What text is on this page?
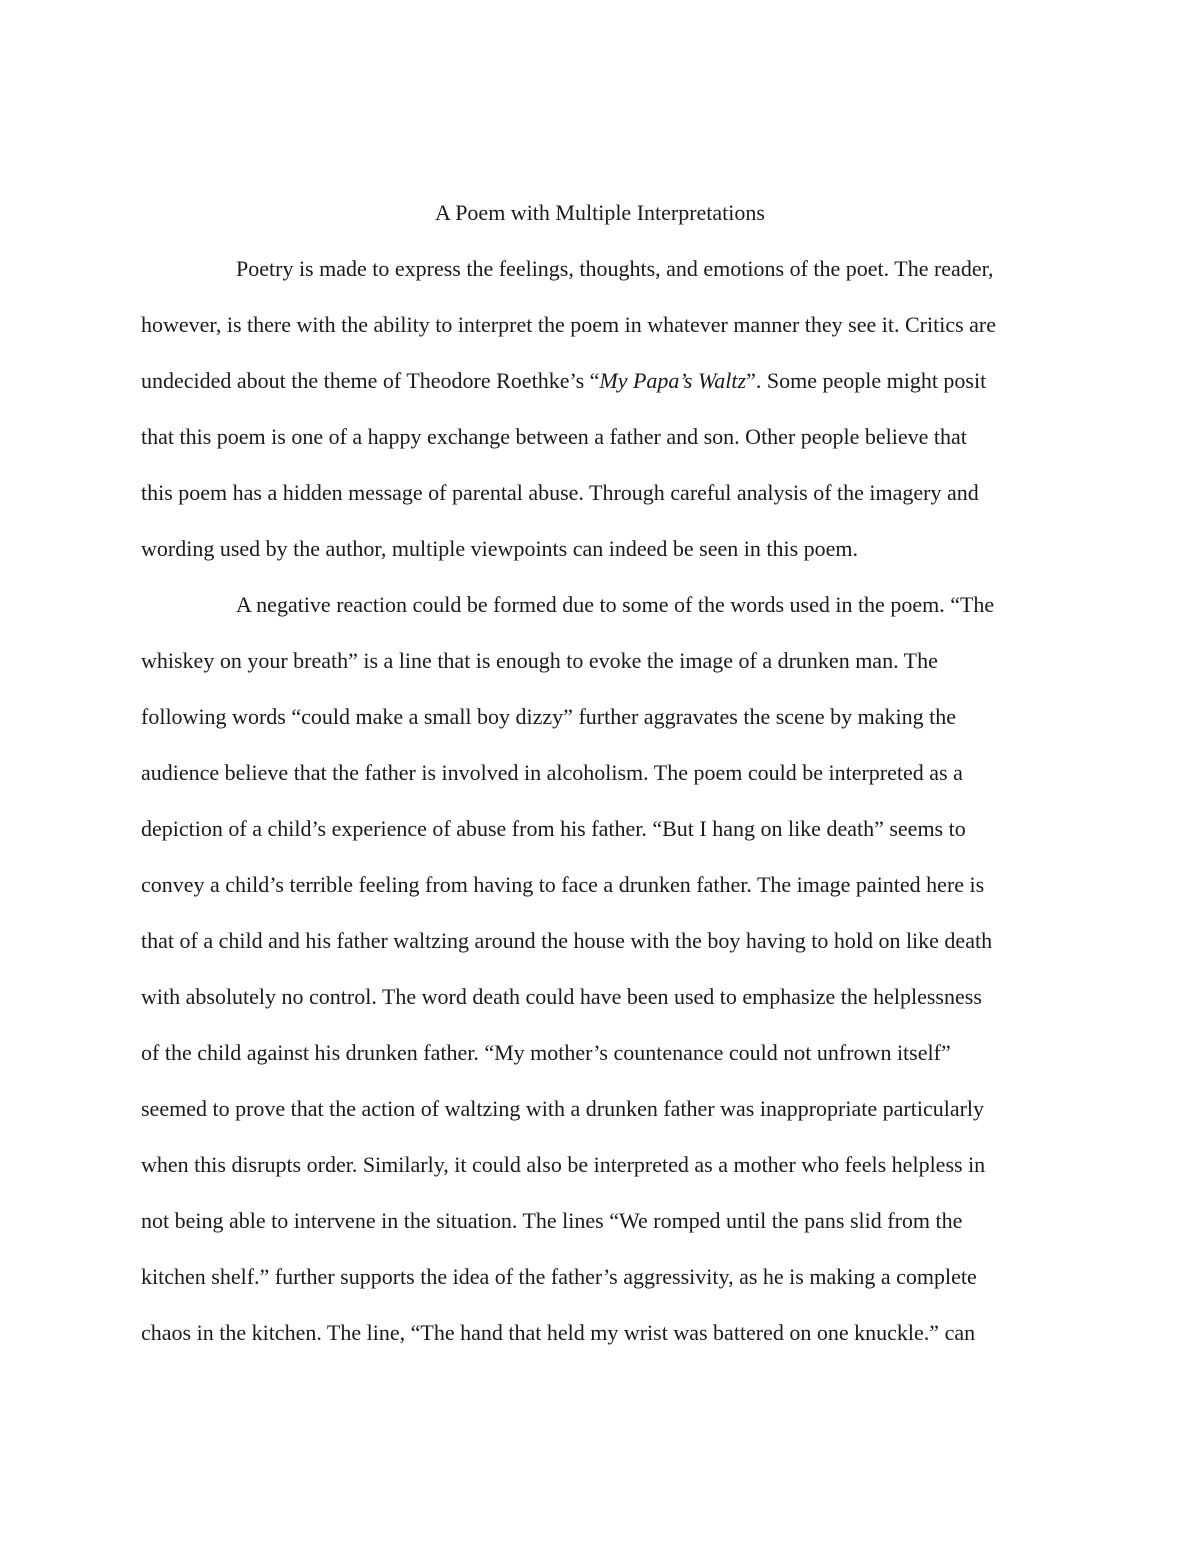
A Poem with Multiple Interpretations
Poetry is made to express the feelings, thoughts, and emotions of the poet. The reader,
however, is there with the ability to interpret the poem in whatever manner they see it. Critics are
undecided about the theme of Theodore Roethke’s “My Papa’s Waltz”. Some people might posit
that this poem is one of a happy exchange between a father and son. Other people believe that
this poem has a hidden message of parental abuse. Through careful analysis of the imagery and
wording used by the author, multiple viewpoints can indeed be seen in this poem.
A negative reaction could be formed due to some of the words used in the poem. “The
whiskey on your breath” is a line that is enough to evoke the image of a drunken man. The
following words “could make a small boy dizzy” further aggravates the scene by making the
audience believe that the father is involved in alcoholism. The poem could be interpreted as a
depiction of a child’s experience of abuse from his father. “But I hang on like death” seems to
convey a child’s terrible feeling from having to face a drunken father. The image painted here is
that of a child and his father waltzing around the house with the boy having to hold on like death
with absolutely no control. The word death could have been used to emphasize the helplessness
of the child against his drunken father. “My mother’s countenance could not unfrown itself”
seemed to prove that the action of waltzing with a drunken father was inappropriate particularly
when this disrupts order. Similarly, it could also be interpreted as a mother who feels helpless in
not being able to intervene in the situation. The lines “We romped until the pans slid from the
kitchen shelf.” further supports the idea of the father’s aggressivity, as he is making a complete
chaos in the kitchen. The line, “The hand that held my wrist was battered on one knuckle.” can
